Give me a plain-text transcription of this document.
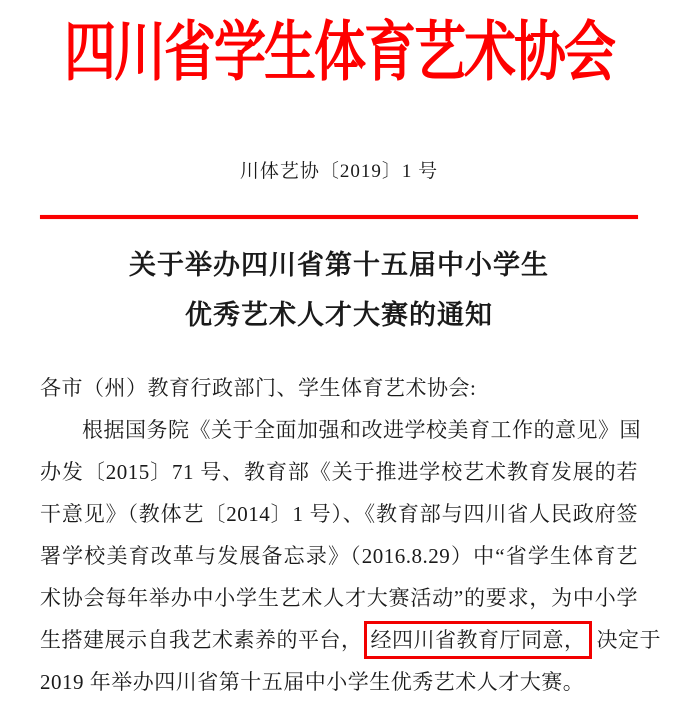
四川省学生体育艺术协会
川体艺协〔2019〕1 号
关于举办四川省第十五届中小学生
优秀艺术人才大赛的通知
各市（州）教育行政部门、学生体育艺术协会:
根据国务院《关于全面加强和改进学校美育工作的意见》国
办发〔2015〕71 号、教育部《关于推进学校艺术教育发展的若
干意见》（教体艺〔2014〕1 号）、《教育部与四川省人民政府签
署学校美育改革与发展备忘录》（2016.8.29）中“省学生体育艺
术协会每年举办中小学生艺术人才大赛活动”的要求，为中小学
生搭建展示自我艺术素养的平台， 经四川省教育厅同意， 决定于
2019 年举办四川省第十五届中小学生优秀艺术人才大赛。
